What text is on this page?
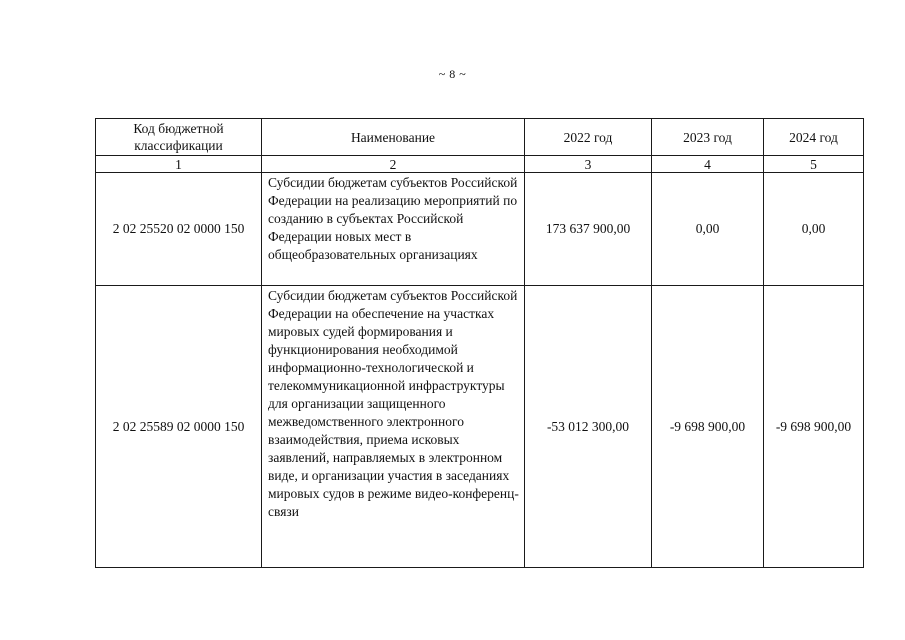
~ 8 ~
Код бюджетной классификации	Наименование	2022 год	2023 год	2024 год
1	2	3	4	5
2 02 25520 02 0000 150	Субсидии бюджетам субъектов Российской Федерации на реализацию мероприятий по созданию в субъектах Российской Федерации новых мест в общеобразовательных организациях	173 637 900,00	0,00	0,00
2 02 25589 02 0000 150	Субсидии бюджетам субъектов Российской Федерации на обеспечение на участках мировых судей формирования и функционирования необходимой информационно-технологической и телекоммуникационной инфраструктуры для организации защищенного межведомственного электронного взаимодействия, приема исковых заявлений, направляемых в электронном виде, и организации участия в заседаниях мировых судов в режиме видео-конференц-связи	-53 012 300,00	-9 698 900,00	-9 698 900,00
